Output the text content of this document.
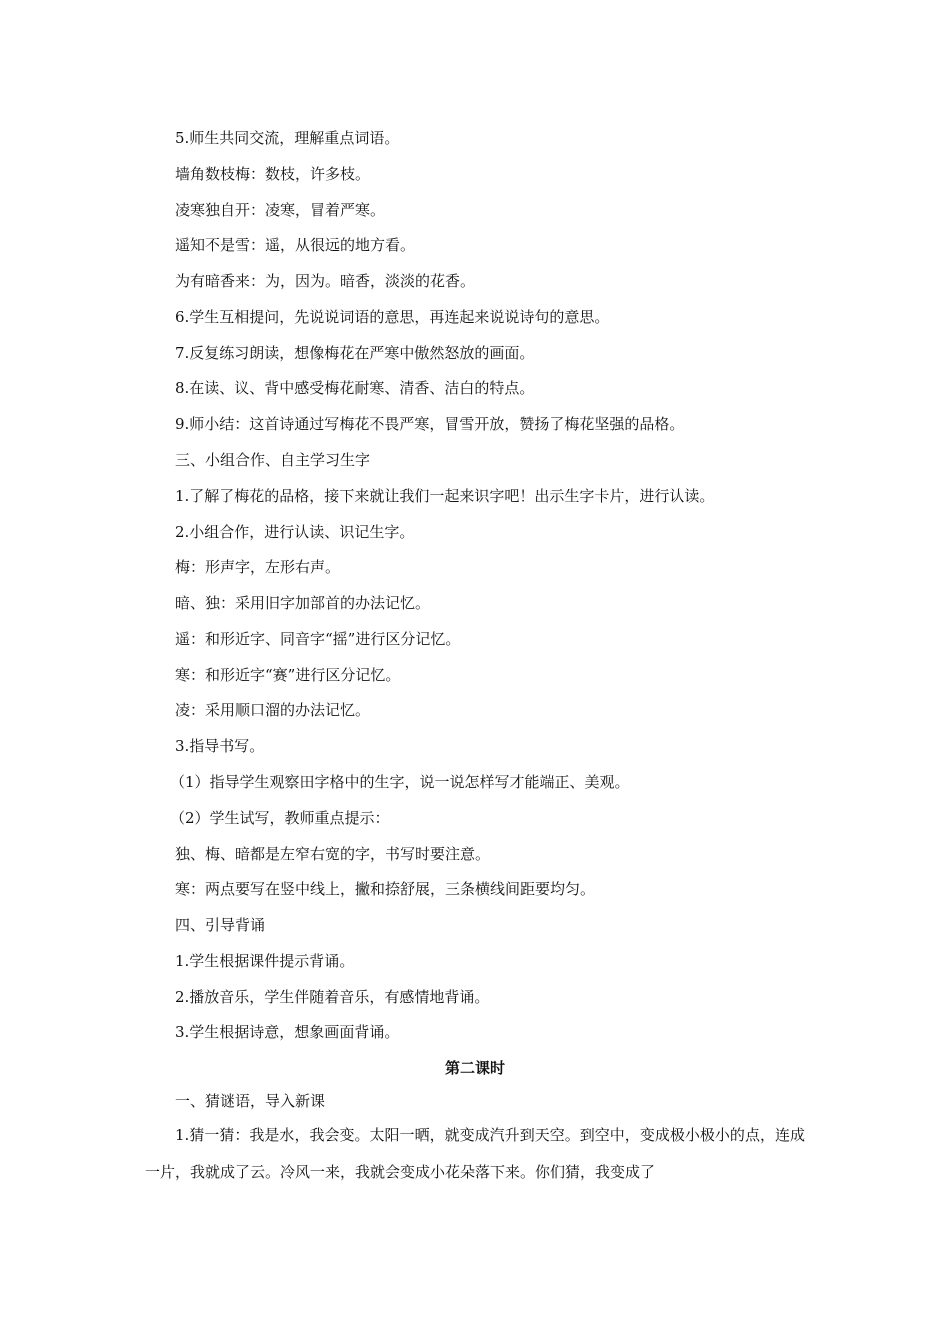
5.师生共同交流，理解重点词语。
墙角数枝梅：数枝，许多枝。
凌寒独自开：凌寒，冒着严寒。
遥知不是雪：遥，从很远的地方看。
为有暗香来：为，因为。暗香，淡淡的花香。
6.学生互相提问，先说说词语的意思，再连起来说说诗句的意思。
7.反复练习朗读，想像梅花在严寒中傲然怒放的画面。
8.在读、议、背中感受梅花耐寒、清香、洁白的特点。
9.师小结：这首诗通过写梅花不畏严寒，冒雪开放，赞扬了梅花坚强的品格。
三、小组合作、自主学习生字
1.了解了梅花的品格，接下来就让我们一起来识字吧！出示生字卡片，进行认读。
2.小组合作，进行认读、识记生字。
梅：形声字，左形右声。
暗、独：采用旧字加部首的办法记忆。
遥：和形近字、同音字“摇”进行区分记忆。
寒：和形近字“赛”进行区分记忆。
凌：采用顺口溜的办法记忆。
3.指导书写。
（1）指导学生观察田字格中的生字，说一说怎样写才能端正、美观。
（2）学生试写，教师重点提示：
独、梅、暗都是左窄右宽的字，书写时要注意。
寒：两点要写在竖中线上，撇和捺舒展，三条横线间距要均匀。
四、引导背诵
1.学生根据课件提示背诵。
2.播放音乐，学生伴随着音乐，有感情地背诵。
3.学生根据诗意，想象画面背诵。
第二课时
一、猜谜语，导入新课
1.猜一猜：我是水，我会变。太阳一晒，就变成汽升到天空。到空中，变成极小极小的点，连成一片，我就成了云。冷风一来，我就会变成小花朵落下来。你们猜，我变成了
